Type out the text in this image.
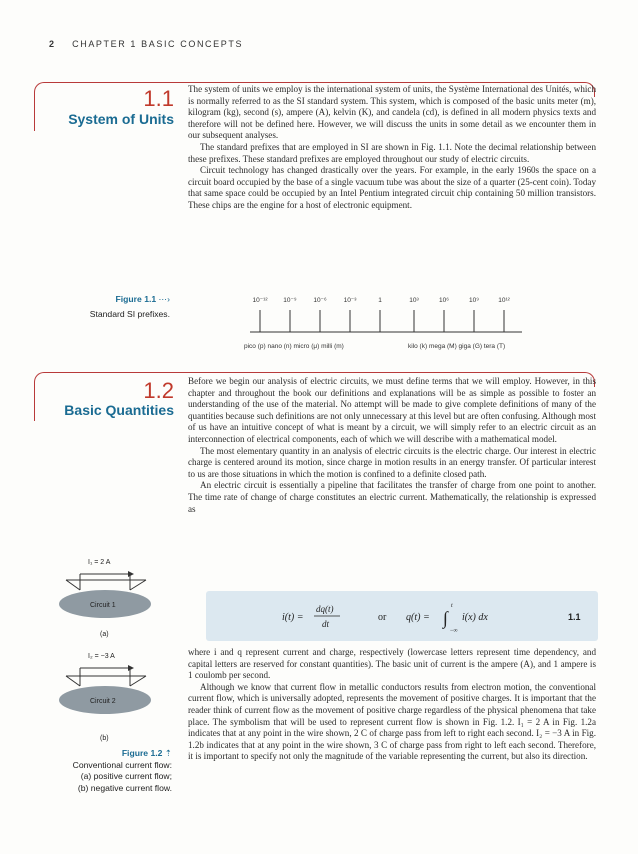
2 CHAPTER 1 BASIC CONCEPTS
1.1
System of Units

The system of units we employ is the international system of units, the Système International des Unités, which is normally referred to as the SI standard system. This system, which is composed of the basic units meter (m), kilogram (kg), second (s), ampere (A), kelvin (K), and candela (cd), is defined in all modern physics texts and therefore will not be defined here. However, we will discuss the units in some detail as we encounter them in our subsequent analyses.

The standard prefixes that are employed in SI are shown in Fig. 1.1. Note the decimal relationship between these prefixes. These standard prefixes are employed throughout our study of electric circuits.

Circuit technology has changed drastically over the years. For example, in the early 1960s the space on a circuit board occupied by the base of a single vacuum tube was about the size of a quarter (25-cent coin). Today that same space could be occupied by an Intel Pentium integrated circuit chip containing 50 million transistors. These chips are the engine for a host of electronic equipment.

Figure 1.1 ⋯›
Standard SI prefixes.
10⁻¹² 10⁻⁹	10⁻⁶	10⁻³	1	10³	10⁶	10⁹	10¹²
pico (p) nano (n) micro (μ) milli (m)	kilo (k) mega (M) giga (G) tera (T)
1.2
Basic Quantities

Before we begin our analysis of electric circuits, we must define terms that we will employ. However, in this chapter and throughout the book our definitions and explanations will be as simple as possible to foster an understanding of the use of the material. No attempt will be made to give complete definitions of many of the quantities because such definitions are not only unnecessary at this level but are often confusing. Although most of us have an intuitive concept of what is meant by a circuit, we will simply refer to an electric circuit as an interconnection of electrical components, each of which we will describe with a mathematical model.

The most elementary quantity in an analysis of electric circuits is the electric charge. Our interest in electric charge is centered around its motion, since charge in motion results in an energy transfer. Of particular interest to us are those situations in which the motion is confined to a definite closed path.

An electric circuit is essentially a pipeline that facilitates the transfer of charge from one point to another. The time rate of change of charge constitutes an electric current. Mathematically, the relationship is expressed as

i(t) =
dq(t)
dt
or q(t) = ∫
t
−∞
i(x) dx	1.1

where i and q represent current and charge, respectively (lowercase letters represent time dependency, and capital letters are reserved for constant quantities). The basic unit of current is the ampere (A), and 1 ampere is 1 coulomb per second.

Although we know that current flow in metallic conductors results from electron motion, the conventional current flow, which is universally adopted, represents the movement of positive charges. It is important that the reader think of current flow as the movement of positive charge regardless of the physical phenomena that take place. The symbolism that will be used to represent current flow is shown in Fig. 1.2. I₁ = 2 A in Fig. 1.2a indicates that at any point in the wire shown, 2 C of charge pass from left to right each second. I₂ = −3 A in Fig. 1.2b indicates that at any point in the wire shown, 3 C of charge pass from right to left each second. Therefore, it is important to specify not only the magnitude of the variable representing the current, but also its direction.

I₁ = 2 A
Circuit 1
(a)
I₂ = −3 A
Circuit 2
(b)
Figure 1.2 ⇡
Conventional current flow:
(a) positive current flow;
(b) negative current flow.
